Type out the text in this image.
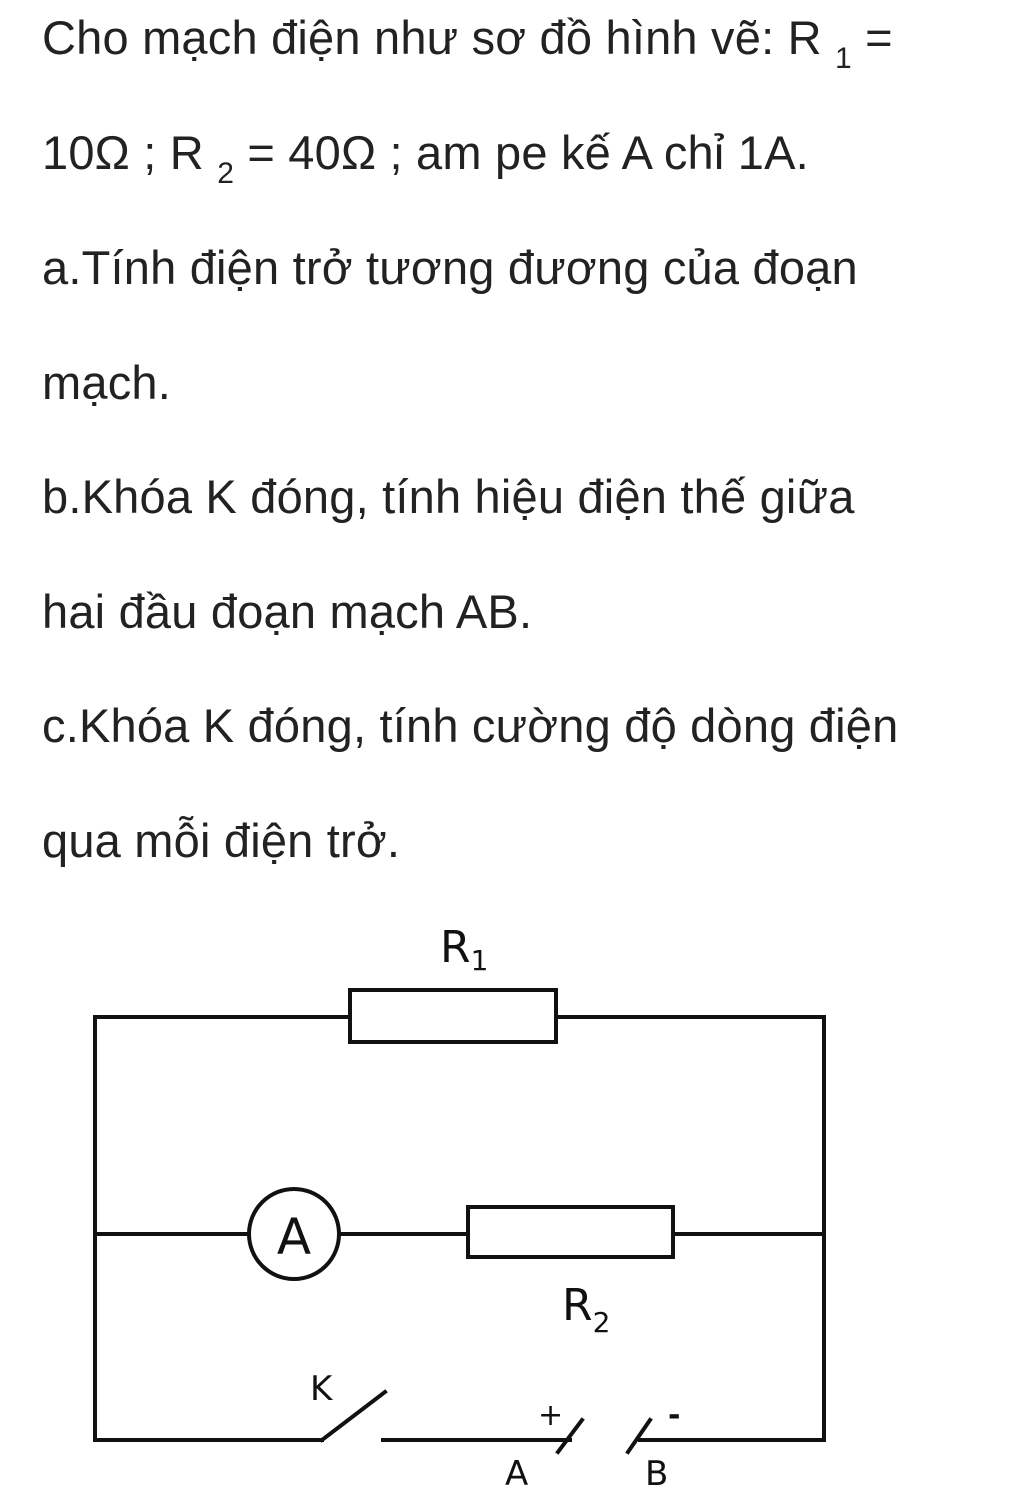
Cho mạch điện như sơ đồ hình vẽ: R $_1$ =
10Ω ; R $_2$ = 40Ω ; am pe kế A chỉ 1A.
a.Tính điện trở tương đương của đoạn
mạch.
b.Khóa K đóng, tính hiệu điện thế giữa
hai đầu đoạn mạch AB.
c.Khóa K đóng, tính cường độ dòng điện
qua mỗi điện trở.
R1
$R_2$
A
K
+	-
A	B
